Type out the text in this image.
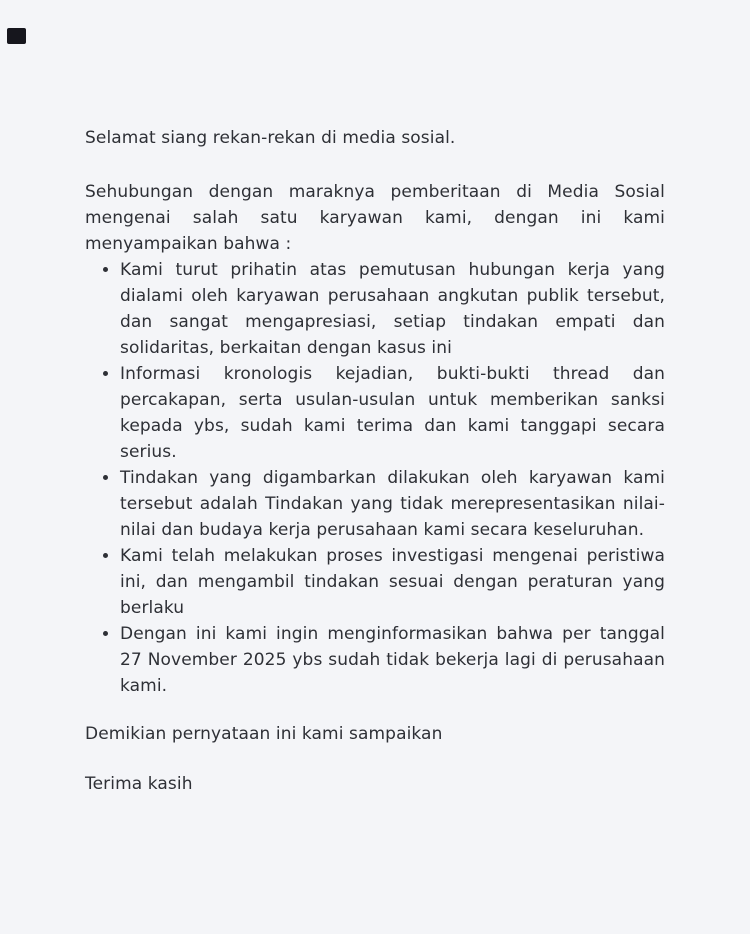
Selamat siang rekan-rekan di media sosial.

Sehubungan dengan maraknya pemberitaan di Media Sosial mengenai salah satu karyawan kami, dengan ini kami menyampaikan bahwa :

• Kami turut prihatin atas pemutusan hubungan kerja yang dialami oleh karyawan perusahaan angkutan publik tersebut, dan sangat mengapresiasi, setiap tindakan empati dan solidaritas, berkaitan dengan kasus ini
• Informasi kronologis kejadian, bukti-bukti thread dan percakapan, serta usulan-usulan untuk memberikan sanksi kepada ybs, sudah kami terima dan kami tanggapi secara serius.
• Tindakan yang digambarkan dilakukan oleh karyawan kami tersebut adalah Tindakan yang tidak merepresentasikan nilai-nilai dan budaya kerja perusahaan kami secara keseluruhan.
• Kami telah melakukan proses investigasi mengenai peristiwa ini, dan mengambil tindakan sesuai dengan peraturan yang berlaku
• Dengan ini kami ingin menginformasikan bahwa per tanggal 27 November 2025 ybs sudah tidak bekerja lagi di perusahaan kami.

Demikian pernyataan ini kami sampaikan

Terima kasih
